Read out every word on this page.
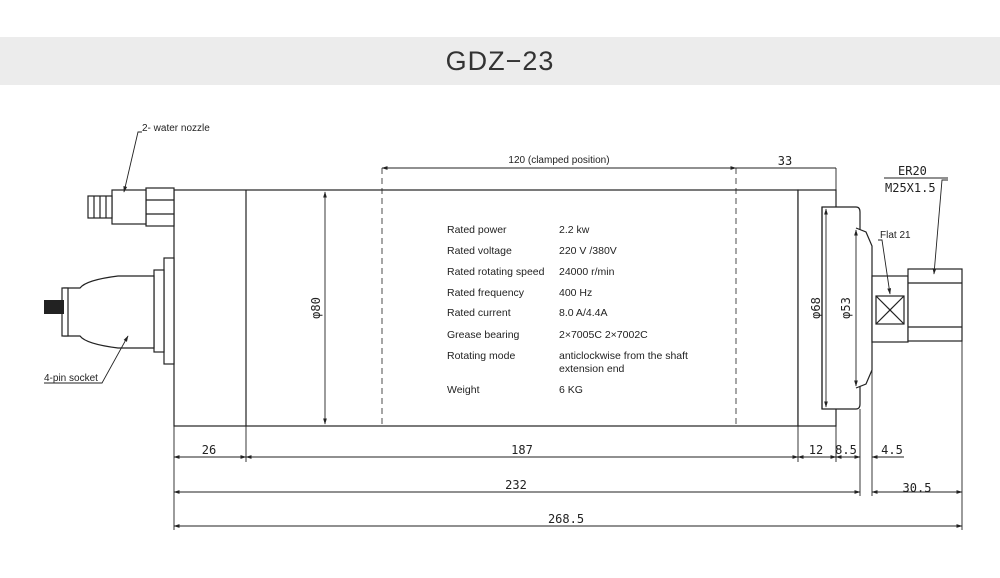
GDZ−23
2- water nozzle
4-pin socket
Flat 21
ER20
M25X1.5
120 (clamped position)	33
26	187	12 8.5 4.5
232	30.5
268.5
φ80	φ68 φ53
Rated power	2.2 kw
Rated voltage	220 V /380V
Rated rotating speed 24000 r/min
Rated frequency	400 Hz
Rated current	8.0 A/4.4A
Grease bearing	2×7005C 2×7002C
Rotating mode	anticlockwise from the shaft
extension end
Weight	6 KG
